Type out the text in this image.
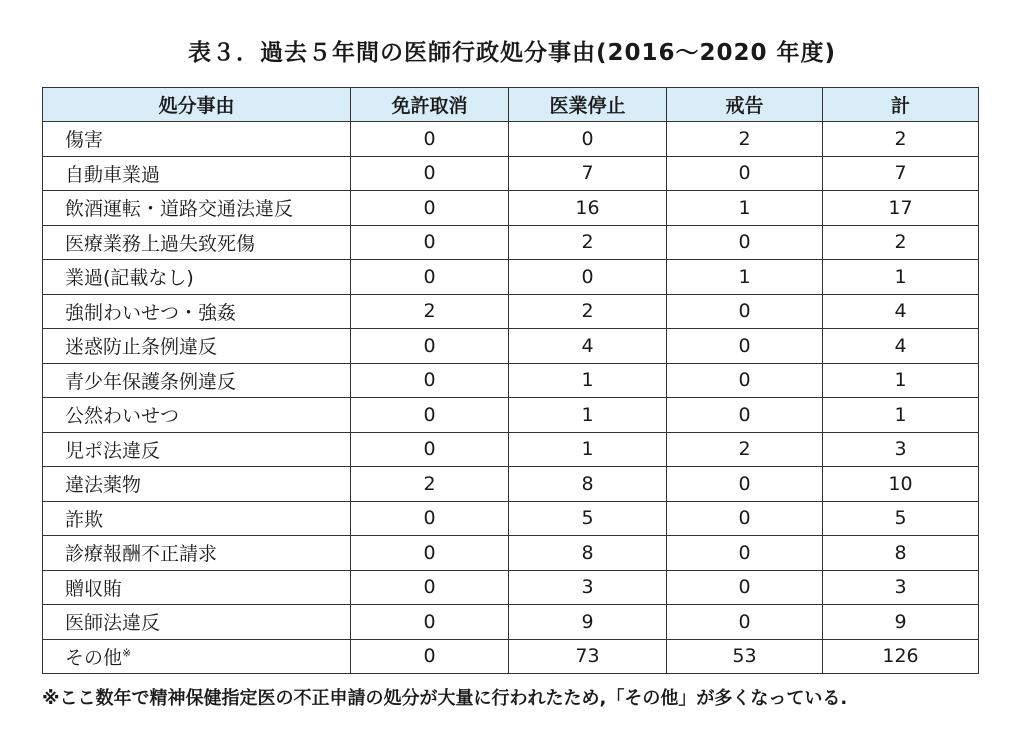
表３．過去５年間の医師行政処分事由(2016〜2020 年度)
処分事由	免許取消	医業停止	戒告	計
傷害	0	0	2	2
自動車業過	0	7	0	7
飲酒運転・道路交通法違反	0	16	1	17
医療業務上過失致死傷	0	2	0	2
業過(記載なし)	0	0	1	1
強制わいせつ・強姦	2	2	0	4
迷惑防止条例違反	0	4	0	4
青少年保護条例違反	0	1	0	1
公然わいせつ	0	1	0	1
児ポ法違反	0	1	2	3
違法薬物	2	8	0	10
詐欺	0	5	0	5
診療報酬不正請求	0	8	0	8
贈収賄	0	3	0	3
医師法違反	0	9	0	9
その他※	0	73	53	126
※ここ数年で精神保健指定医の不正申請の処分が大量に行われたため,「その他」が多くなっている.
